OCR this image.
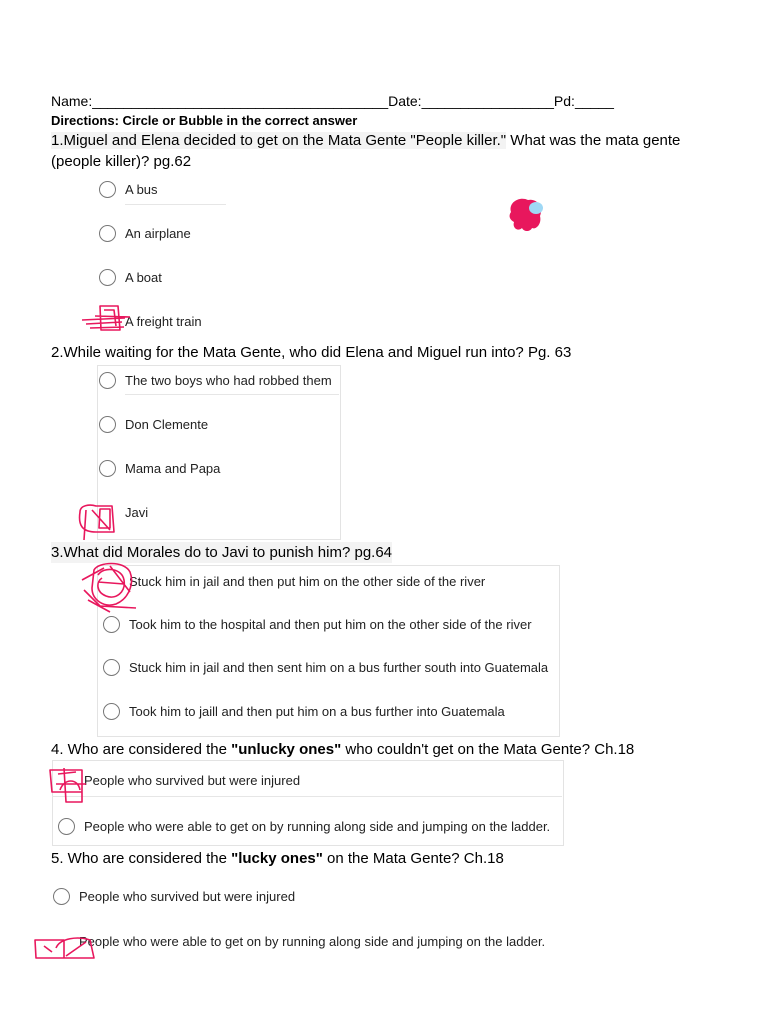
Name:______________________________________Date:_________________Pd:_____
Directions: Circle or Bubble in the correct answer
1.Miguel and Elena decided to get on the Mata Gente "People killer." What was the mata gente (people killer)? pg.62
A bus
An airplane
A boat
A freight train
2.While waiting for the Mata Gente, who did Elena and Miguel run into? Pg. 63
The two boys who had robbed them
Don Clemente
Mama and Papa
Javi
3.What did Morales do to Javi to punish him? pg.64
Stuck him in jail and then put him on the other side of the river
Took him to the hospital and then put him on the other side of the river
Stuck him in jail and then sent him on a bus further south into Guatemala
Took him to jaill and then put him on a bus further into Guatemala
4. Who are considered the "unlucky ones" who couldn't get on the Mata Gente? Ch.18
People who survived but were injured
People who were able to get on by running along side and jumping on the ladder.
5. Who are considered the "lucky ones" on the Mata Gente? Ch.18
People who survived but were injured
People who were able to get on by running along side and jumping on the ladder.
